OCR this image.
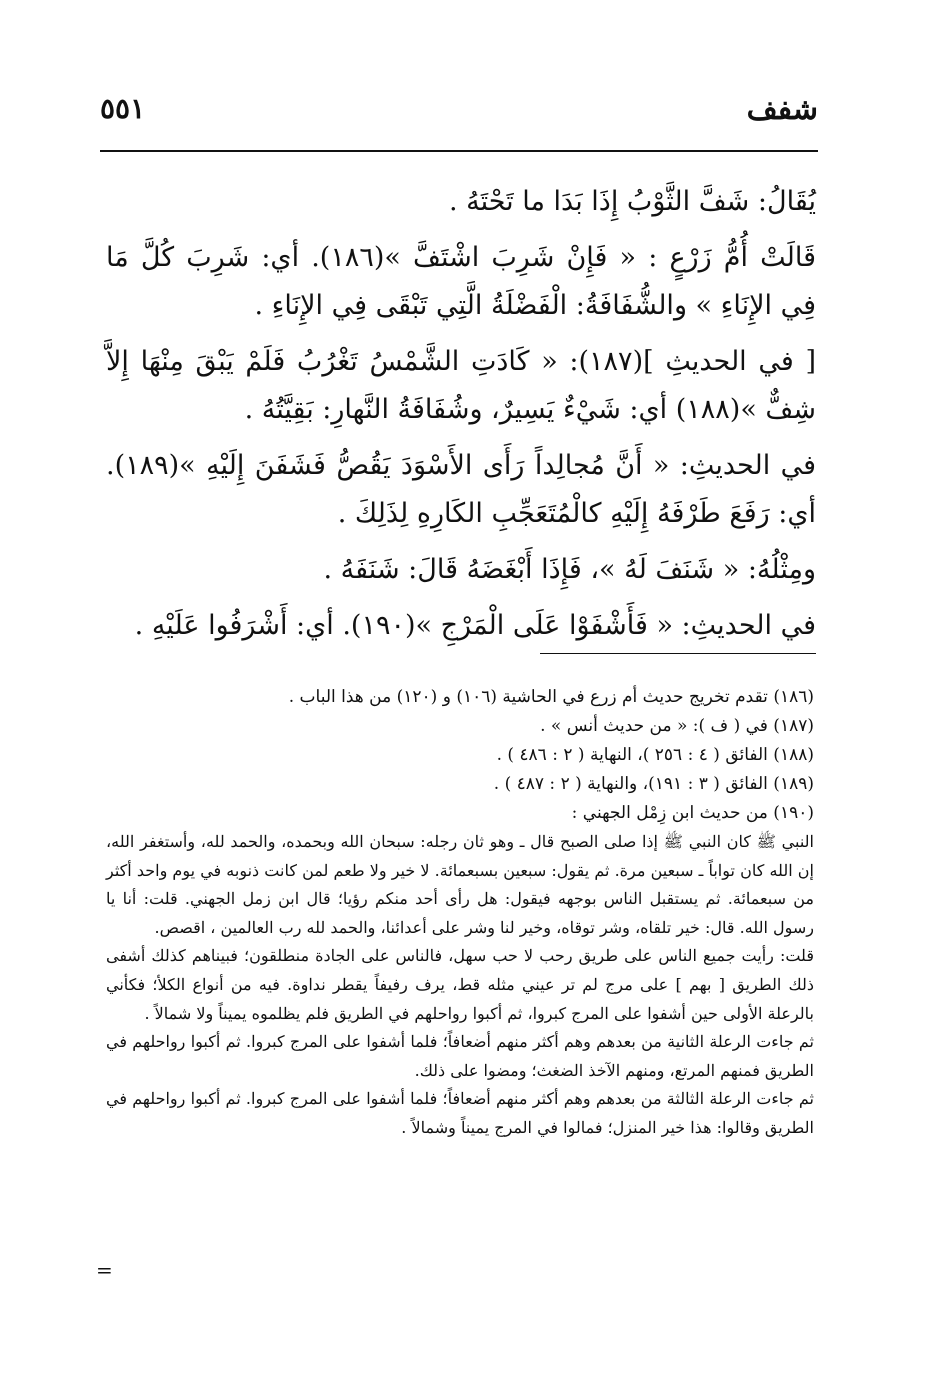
شفف
٥٥١

يُقَالُ: شَفَّ الثَّوْبُ إِذَا بَدَا ما تَحْتَهُ .

قَالَتْ أُمُّ زَرْعٍ : « فَإِنْ شَرِبَ اشْتَفَّ »(١٨٦). أي: شَرِبَ كُلَّ مَا فِي الإِنَاءِ » والشُّفَافَةُ: الْفَضْلَةُ الَّتِي تَبْقَى فِي الإِنَاءِ .

[ في الحديثِ ](١٨٧): « كَادَتِ الشَّمْسُ تَغْرُبُ فَلَمْ يَبْقَ مِنْهَا إِلاَّ شِفٌّ »(١٨٨) أي: شَيْءٌ يَسِيرٌ، وشُفَافَةُ النَّهارِ: بَقِيَّتُهُ .

في الحديثِ: « أَنَّ مُجالِداً رَأَى الأَسْوَدَ يَقُصُّ فَشَفَنَ إِلَيْهِ »(١٨٩). أي: رَفَعَ طَرْفَهُ إِلَيْهِ كالْمُتَعَجِّبِ الكَارِهِ لِذَلِكَ .

ومِثْلُهُ: « شَنَفَ لَهُ »، فَإِذَا أَبْغَضَهُ قَالَ: شَنَفَهُ .

في الحديثِ: « فَأَشْفَوْا عَلَى الْمَرْجِ »(١٩٠). أي: أَشْرَفُوا عَلَيْهِ .

(١٨٦) تقدم تخريج حديث أم زرع في الحاشية (١٠٦) و (١٢٠) من هذا الباب .

(١٨٧) في ( ف ): « من حديث أنس » .

(١٨٨) الفائق ( ٤ : ٢٥٦ )، النهاية ( ٢ : ٤٨٦ ) .

(١٨٩) الفائق ( ٣ : ١٩١)، والنهاية ( ٢ : ٤٨٧ ) .

(١٩٠) من حديث ابن زِمْل الجهني :

النبي ﷺ كان النبي ﷺ إذا صلى الصبح قال ـ وهو ثان رجله: سبحان الله وبحمده، والحمد لله، وأستغفر الله، إن الله كان تواباً ـ سبعين مرة. ثم يقول: سبعين بسبعمائة. لا خير ولا طعم لمن كانت ذنوبه في يوم واحد أكثر من سبعمائة. ثم يستقبل الناس بوجهه فيقول: هل رأى أحد منكم رؤيا؛ قال ابن زمل الجهني. قلت: أنا يا رسول الله. قال: خير تلقاه، وشر توقاه، وخير لنا وشر على أعدائنا، والحمد لله رب العالمين ، اقصص.

قلت: رأيت جميع الناس على طريق رحب لا حب سهل، فالناس على الجادة منطلقون؛ فبيناهم كذلك أشفى ذلك الطريق [ بهم ] على مرج لم تر عيني مثله قط، يرف رفيفاً يقطر نداوة. فيه من أنواع الكلأ؛ فكأني بالرعلة الأولى حين أشفوا على المرج كبروا، ثم أكبوا رواحلهم في الطريق فلم يظلموه يميناً ولا شمالاً .

ثم جاءت الرعلة الثانية من بعدهم وهم أكثر منهم أضعافاً؛ فلما أشفوا على المرج كبروا. ثم أكبوا رواحلهم في الطريق فمنهم المرتع، ومنهم الآخذ الضغث؛ ومضوا على ذلك.

ثم جاءت الرعلة الثالثة من بعدهم وهم أكثر منهم أضعافاً؛ فلما أشفوا على المرج كبروا. ثم أكبوا رواحلهم في الطريق وقالوا: هذا خير المنزل؛ فمالوا في المرج يميناً وشمالاً .

=
